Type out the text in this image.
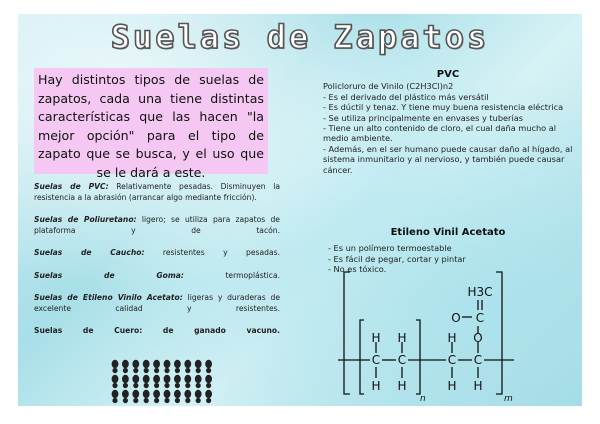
Suelas de Zapatos
Hay distintos tipos de suelas de zapatos, cada una tiene distintas características que las hacen "la mejor opción" para el tipo de zapato que se busca, y el uso que se le dará a este.

Suelas de PVC: Relativamente pesadas. Disminuyen la resistencia a la abrasión (arrancar algo mediante fricción).

Suelas de Poliuretano: ligero; se utiliza para zapatos de plataforma y de tacón.

Suelas de Caucho: resistentes y pesadas.

Suelas de Goma: termoplástica.

Suelas de Etileno Vinilo Acetato: ligeras y duraderas de excelente calidad y resistentes.

Suelas de Cuero: de ganado vacuno.

PVC
Policloruro de Vinilo (C2H3Cl)n2
- Es el derivado del plástico más versátil
- Es dúctil y tenaz. Y tiene muy buena resistencia eléctrica
- Se utiliza principalmente en envases y tuberías
- Tiene un alto contenido de cloro, el cual daña mucho al medio ambiente.
- Además, en el ser humano puede causar daño al hígado, al sistema inmunitario y al nervioso, y también puede causar cáncer.
Etileno Vinil Acetato
- Es un polímero termoestable
- Es fácil de pegar, cortar y pintar
- No es tóxico.
C C
H
H
H
H
C C
H
H H
O
C
O
H3C
n	m
